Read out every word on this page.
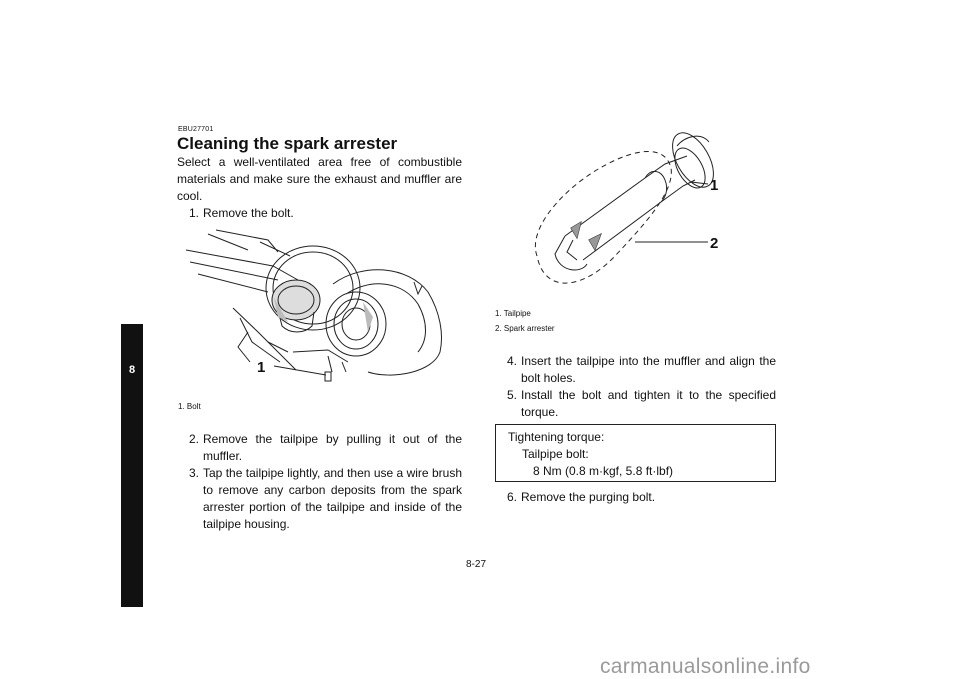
8
EBU27701
Cleaning the spark arrester
Select a well-ventilated area free of combustible materials and make sure the exhaust and muffler are cool.
1. Remove the bolt.
1
1. Bolt
2. Remove the tailpipe by pulling it out of the muffler.
3. Tap the tailpipe lightly, and then use a wire brush to remove any carbon deposits from the spark arrester portion of the tailpipe and inside of the tailpipe housing.
1
2
1. Tailpipe
2. Spark arrester
4. Insert the tailpipe into the muffler and align the bolt holes.
5. Install the bolt and tighten it to the specified torque.
Tightening torque:
Tailpipe bolt:
8 Nm (0.8 m·kgf, 5.8 ft·lbf)
6. Remove the purging bolt.
8-27
carmanualsonline.info
